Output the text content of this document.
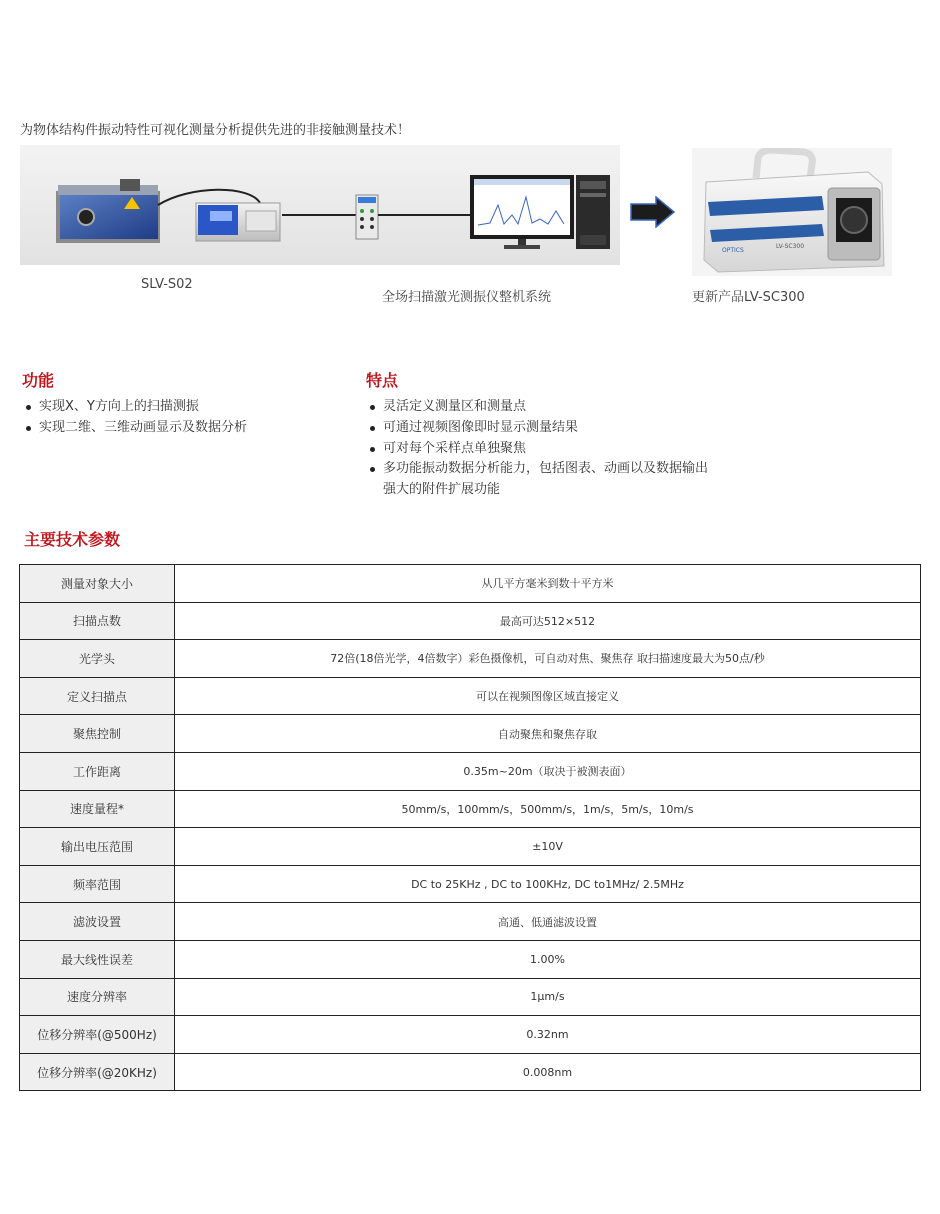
为物体结构件振动特性可视化测量分析提供先进的非接触测量技术！
OPTICS
LV-SC300
SLV-S02
全场扫描激光测振仪整机系统	更新产品LV-SC300
功能
实现X、Y方向上的扫描测振
实现二维、三维动画显示及数据分析
特点
灵活定义测量区和测量点
可通过视频图像即时显示测量结果
可对每个采样点单独聚焦
多功能振动数据分析能力，包括图表、动画以及数据输出
强大的附件扩展功能
主要技术参数
测量对象大小	从几平方毫米到数十平方米
扫描点数	最高可达512×512
光学头	72倍(18倍光学，4倍数字）彩色摄像机，可自动对焦、聚焦存 取扫描速度最大为50点/秒
定义扫描点	可以在视频图像区域直接定义
聚焦控制	自动聚焦和聚焦存取
工作距离	0.35m~20m（取决于被测表面）
速度量程*	50mm/s，100mm/s，500mm/s，1m/s，5m/s，10m/s
输出电压范围	±10V
频率范围	DC to 25KHz , DC to 100KHz, DC to1MHz/ 2.5MHz
滤波设置	高通、低通滤波设置
最大线性误差	1.00%
速度分辨率	1μm/s
位移分辨率(@500Hz)	0.32nm
位移分辨率(@20KHz)	0.008nm
